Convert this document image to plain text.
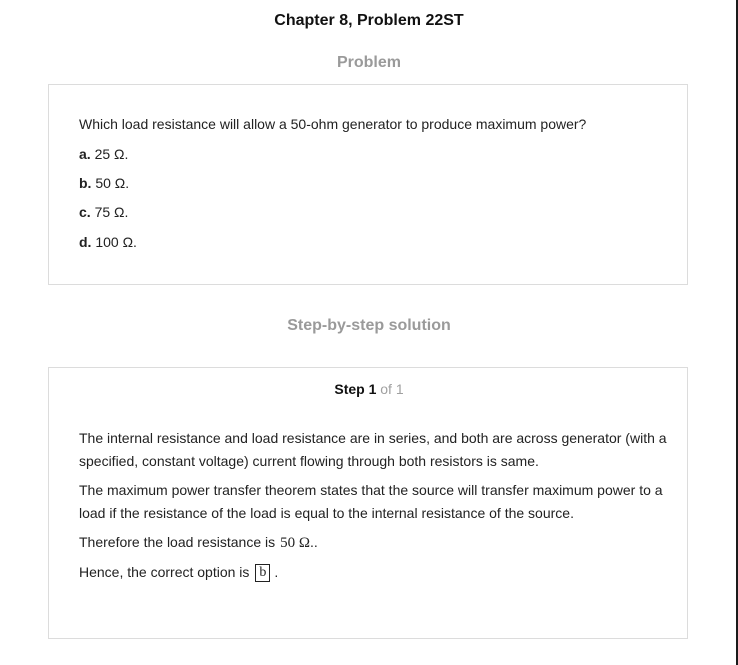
Chapter 8, Problem 22ST
Problem
Which load resistance will allow a 50-ohm generator to produce maximum power?
a. 25 Ω.
b. 50 Ω.
c. 75 Ω.
d. 100 Ω.
Step-by-step solution
Step 1 of 1
The internal resistance and load resistance are in series, and both are across generator (with a specified, constant voltage) current flowing through both resistors is same.
The maximum power transfer theorem states that the source will transfer maximum power to a load if the resistance of the load is equal to the internal resistance of the source.
Therefore the load resistance is 50 Ω..
Hence, the correct option is b .
